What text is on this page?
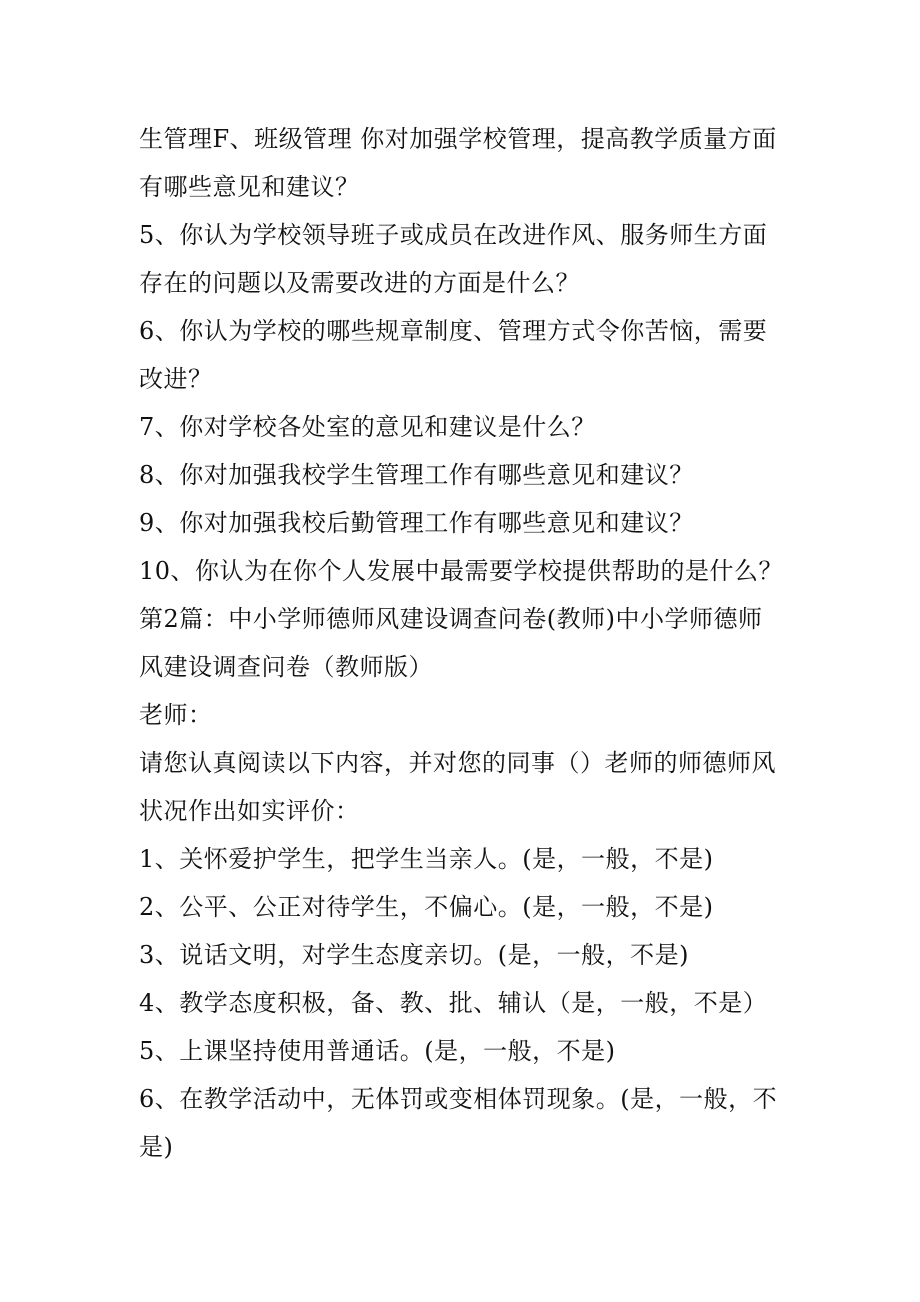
生管理F、班级管理 你对加强学校管理，提高教学质量方面
有哪些意见和建议？
5、你认为学校领导班子或成员在改进作风、服务师生方面
存在的问题以及需要改进的方面是什么？
6、你认为学校的哪些规章制度、管理方式令你苦恼，需要
改进？
7、你对学校各处室的意见和建议是什么？
8、你对加强我校学生管理工作有哪些意见和建议？
9、你对加强我校后勤管理工作有哪些意见和建议？
10、你认为在你个人发展中最需要学校提供帮助的是什么？
第2篇：中小学师德师风建设调查问卷(教师)中小学师德师
风建设调查问卷（教师版）
老师：
请您认真阅读以下内容，并对您的同事（）老师的师德师风
状况作出如实评价：
1、关怀爱护学生，把学生当亲人。(是，一般，不是)
2、公平、公正对待学生，不偏心。(是，一般，不是)
3、说话文明，对学生态度亲切。(是，一般，不是)
4、教学态度积极，备、教、批、辅认（是，一般，不是）
5、上课坚持使用普通话。(是，一般，不是)
6、在教学活动中，无体罚或变相体罚现象。(是，一般，不
是)
